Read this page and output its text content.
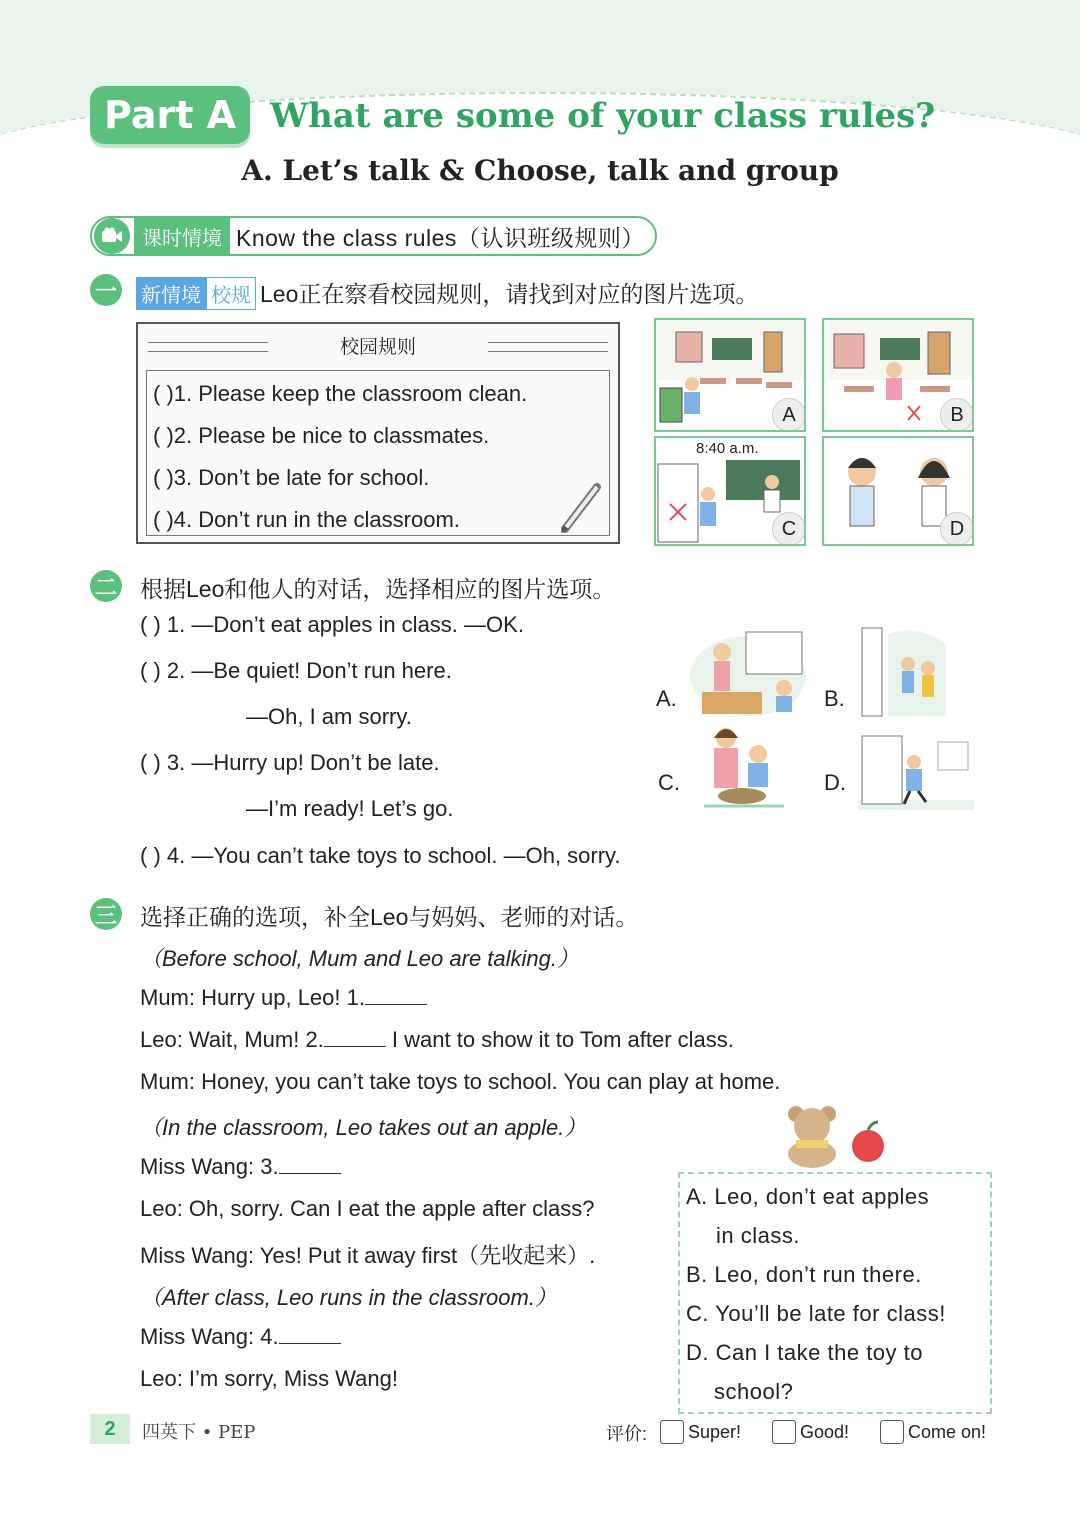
Part A What are some of your class rules?
A. Let’s talk & Choose, talk and group
课时情境 Know the class rules（认识班级规则）
一 新情境 校规 Leo正在察看校园规则，请找到对应的图片选项。
校园规则
( )1. Please keep the classroom clean.
( )2. Please be nice to classmates.
( )3. Don’t be late for school.
( )4. Don’t run in the classroom.
A	B
8:40 a.m.
C	D
二 根据Leo和他人的对话，选择相应的图片选项。
( ) 1. —Don’t eat apples in class. —OK.
( ) 2. —Be quiet! Don’t run here.
—Oh, I am sorry.
( ) 3. —Hurry up! Don’t be late.
—I’m ready! Let’s go.
( ) 4. —You can’t take toys to school. —Oh, sorry.
A.	B.
C.	D.
三 选择正确的选项，补全Leo与妈妈、老师的对话。
（Before school, Mum and Leo are talking.）
Mum: Hurry up, Leo! 1.
Leo: Wait, Mum! 2.	I want to show it to Tom after class.
Mum: Honey, you can’t take toys to school. You can play at home.
（In the classroom, Leo takes out an apple.）
Miss Wang: 3.
Leo: Oh, sorry. Can I eat the apple after class?
Miss Wang: Yes! Put it away first（先收起来）.
（After class, Leo runs in the classroom.）
Miss Wang: 4.
Leo: I’m sorry, Miss Wang!
A. Leo, don’t eat apples
in class.
B. Leo, don’t run there.
C. You’ll be late for class!
D. Can I take the toy to
school?
2	四英下 • PEP	评价: Super!	Good!	Come on!
